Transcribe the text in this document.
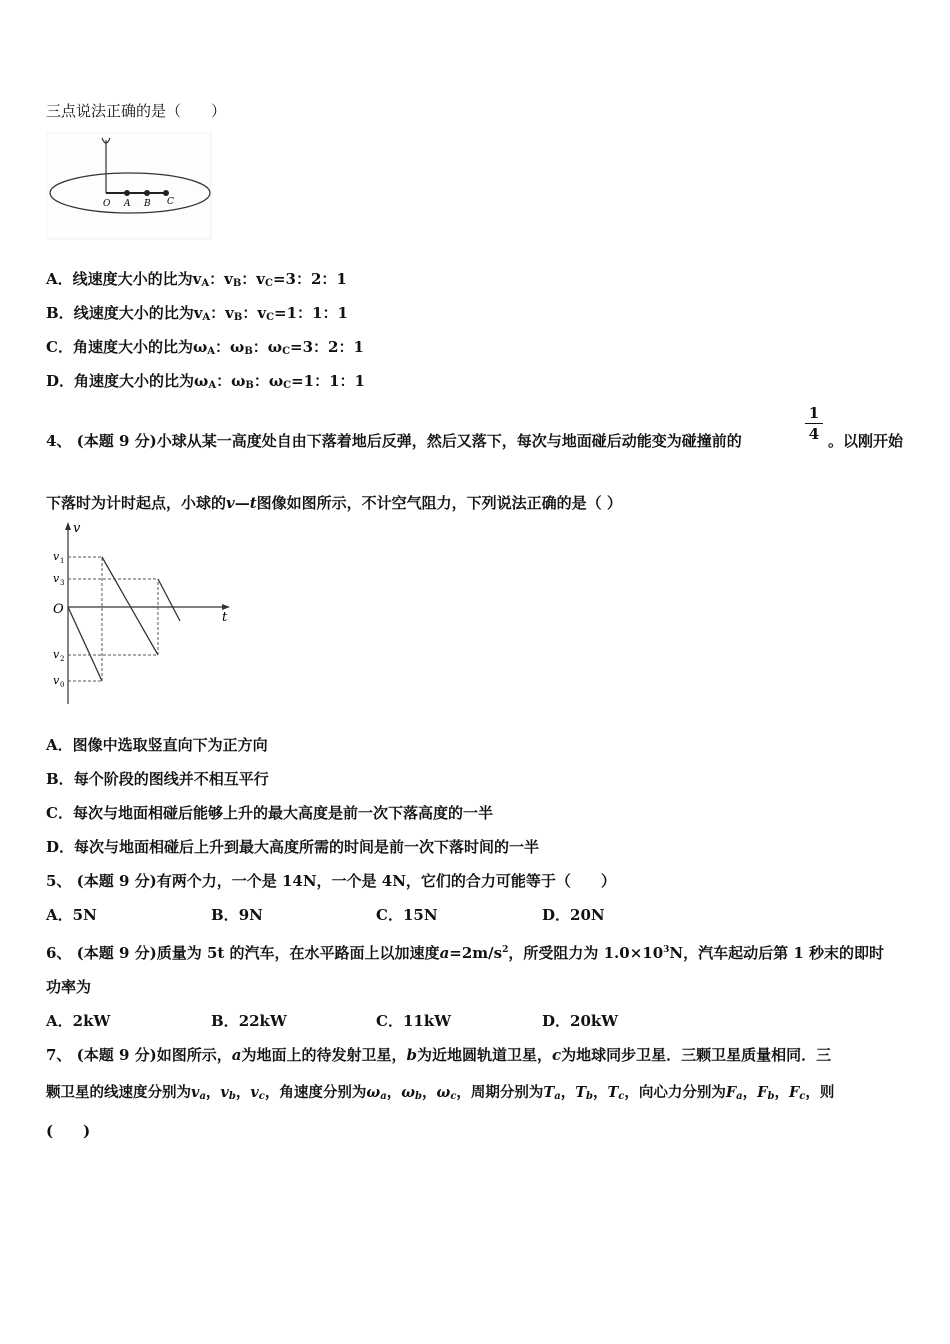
三点说法正确的是（　　）
O A B C
A．线速度大小的比为$v_A$：$v_B$：$v_C=3$：2：1
B．线速度大小的比为$v_A$：$v_B$：$v_C=1$：1：1
C．角速度大小的比为$\omega_A$：$\omega_B$：$\omega_C=3$：2：1
D．角速度大小的比为$\omega_A$：$\omega_B$：$\omega_C=1$：1：1
4、 (本题 9 分)小球从某一高度处自由下落着地后反弹，然后又落下，每次与地面碰后动能变为碰撞前的
1
4 。以刚开始
下落时为计时起点，小球的v—t图像如图所示，不计空气阻力，下列说法正确的是（ ）
v
v 1
v 3
O
t
v 2
v 0
A．图像中选取竖直向下为正方向
B．每个阶段的图线并不相互平行
C．每次与地面相碰后能够上升的最大高度是前一次下落高度的一半
D．每次与地面相碰后上升到最大高度所需的时间是前一次下落时间的一半
5、 (本题 9 分)有两个力，一个是 14N，一个是 4N，它们的合力可能等于（　　）
A．5N	B．9N	C．15N	D．20N
6、 (本题 9 分)质量为 5t 的汽车，在水平路面上以加速度$a=2m/s^2$，所受阻力为 $1.0\times 10^3N$，汽车起动后第 1 秒末的即时
功率为
A．2kW	B．22kW	C．11kW	D．20kW
7、 (本题 9 分)如图所示，a为地面上的待发射卫星，b为近地圆轨道卫星，c为地球同步卫星．三颗卫星质量相同．三
颗卫星的线速度分别为$v_a$，$v_b$，$v_c$，角速度分别为$\omega_a$，$\omega_b$，$\omega_c$，周期分别为$T_a$，$T_b$，$T_c$，向心力分别为$F_a$，$F_b$，$F_c$，则
(　　)
